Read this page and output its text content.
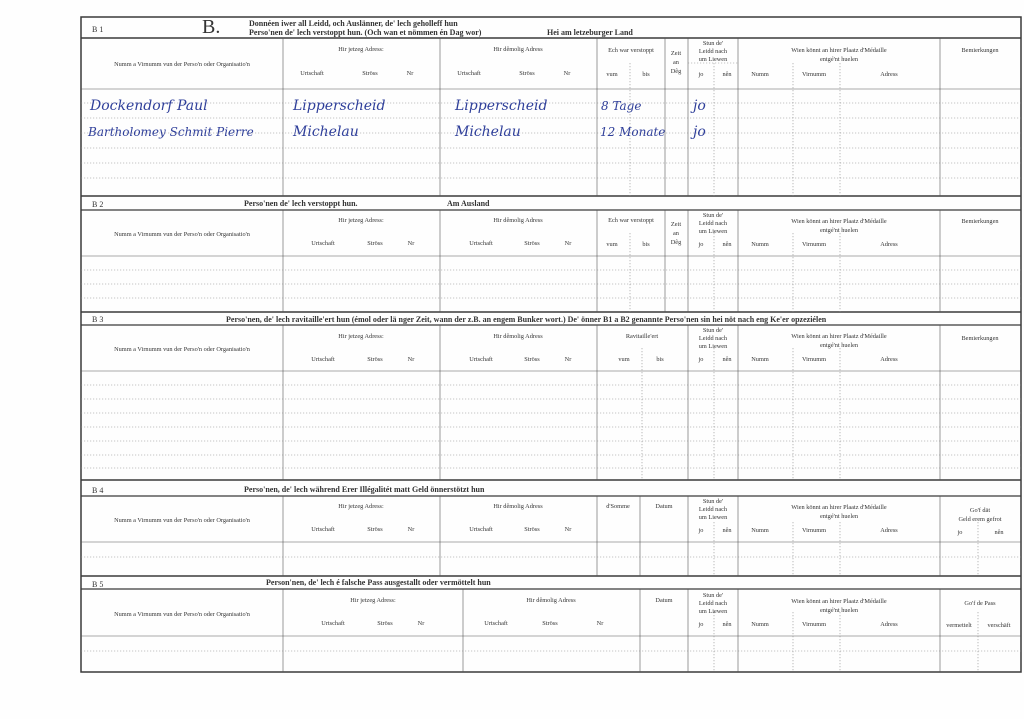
B 1	B.	Donnéen iwer all Leidd, och Auslänner, de' lech geholleff hun
Perso'nen de' lech verstoppt hun. (Och wan et nömmen én Dag wor)	Hei am letzeburger Land
Numm a Virnumm vun der Perso'n oder Organisatio'n
Hir jetzeg Adress:
Urtschaft	Ströss	Nr
Hir dêmolig Adress
Urtschaft	Ströss	Nr
Ech war verstoppt
vum	bis
Zeit
an
Dêg
Stun de'
Leidd nach
um Liewen
jo	nên
Wien könnt an hirer Plaatz d'Médaille
entgé'nt huelen
Numm	Virnumm	Adress
Bemierkungen
Dockendorf Paul	Lipperscheid	Lipperscheid	8 Tage	jo
Bartholomey Schmit Pierre	Michelau	Michelau	12 Monate jo
B 2	Perso'nen de' lech verstoppt hun.	Am Ausland
Numm a Virnumm vun der Perso'n oder Organisatio'n
Hir jetzeg Adress:
Urtschaft	Ströss	Nr
Hir dêmolig Adress
Urtschaft	Ströss	Nr
Ech war verstoppt
vum	bis
Zeit
an
Dêg
Stun de'
Leidd nach
um Liewen
jo	nên
Wien könnt an hirer Plaatz d'Médaille
entgé'nt huelen
Numm	Virnumm	Adress
Bemierkungen
B 3	Perso'nen, de' lech ravitaille'ert hun (émol oder lä nger Zeit, wann der z.B. an engem Bunker wort.) De' önner B1 a B2 genannte Perso'nen sin hei nöt nach eng Ke'er opzeziélen
Numm a Virnumm vun der Perso'n oder Organisatio'n
Hir jetzeg Adress:
Urtschaft	Ströss	Nr
Hir dêmolig Adress
Urtschaft	Ströss	Nr
Ravitaille'ert
vum	bis
Stun de'
Leidd nach
um Liewen
jo	nên
Wien könnt an hirer Plaatz d'Médaille
entgé'nt huelen
Numm	Virnumm	Adress
Bemierkungen
B 4	Perso'nen, de' lech während Erer Illégalitét matt Geld önnerstötzt hun
Numm a Virnumm vun der Perso'n oder Organisatio'n
Hir jetzeg Adress:
Urtschaft	Ströss	Nr
Hir dêmolig Adress
Urtschaft	Ströss	Nr
d'Somme	Datum
Stun de'
Leidd nach
um Liewen
jo	nên
Wien könnt an hirer Plaatz d'Médaille
entgé'nt huelen
Numm	Virnumm	Adress
Go'f dät
Geld erem gefrot
jo	nên
B 5	Person'nen, de' lech é falsche Pass ausgestallt oder vermöttelt hun
Numm a Virnumm vun der Perso'n oder Organisatio'n
Hir jetzeg Adress:
Urtschaft	Ströss	Nr
Hir dêmolig Adress
Urtschaft	Ströss	Nr
Datum
Stun de'
Leidd nach
um Liewen
jo	nên
Wien könnt an hirer Plaatz d'Médaille
entgé'nt huelen
Numm	Virnumm	Adress
Go'f de Pass
vermettelt verschäft
